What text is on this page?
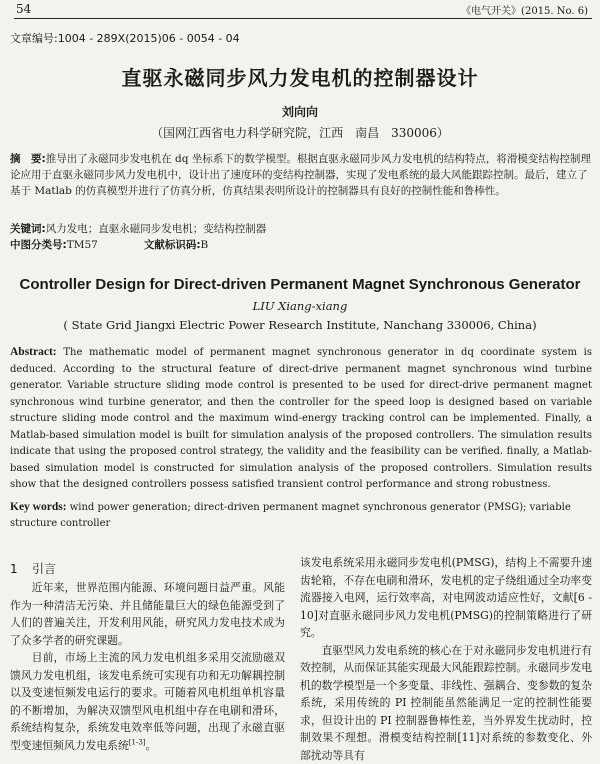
54	《电气开关》(2015. No. 6)
文章编号:1004 - 289X(2015)06 - 0054 - 04
直驱永磁同步风力发电机的控制器设计
刘向向
（国网江西省电力科学研究院，江西　南昌　330006）
摘　要:推导出了永磁同步发电机在 dq 坐标系下的数学模型。根据直驱永磁同步风力发电机的结构特点，将滑模变结构控制理论应用于直驱永磁同步风力发电机中，设计出了速度环的变结构控制器，实现了发电系统的最大风能跟踪控制。最后，建立了基于 Matlab 的仿真模型并进行了仿真分析，仿真结果表明所设计的控制器具有良好的控制性能和鲁棒性。
关键词:风力发电；直驱永磁同步发电机；变结构控制器
中图分类号:TM57	文献标识码:B
Controller Design for Direct-driven Permanent Magnet Synchronous Generator
LIU Xiang-xiang
( State Grid Jiangxi Electric Power Research Institute, Nanchang 330006, China)
Abstract: The mathematic model of permanent magnet synchronous generator in dq coordinate system is deduced. According to the structural feature of direct-drive permanent magnet synchronous wind turbine generator. Variable structure sliding mode control is presented to be used for direct-drive permanent magnet synchronous wind turbine generator, and then the controller for the speed loop is designed based on variable structure sliding mode control and the maximum wind-energy tracking control can be implemented. Finally, a Matlab-based simulation model is built for simulation analysis of the proposed controllers. The simulation results indicate that using the proposed control strategy, the validity and the feasibility can be verified. finally, a Matlab-based simulation model is constructed for simulation analysis of the proposed controllers. Simulation results show that the designed controllers possess satisfied transient control performance and strong robustness.
Key words: wind power generation; direct-driven permanent magnet synchronous generator (PMSG); variable structure controller
1 引言

近年来，世界范围内能源、环境问题日益严重。风能作为一种清洁无污染、并且储能量巨大的绿色能源受到了人们的普遍关注，开发利用风能，研究风力发电技术成为了众多学者的研究课题。

目前，市场上主流的风力发电机组多采用交流励磁双馈风力发电机组，该发电系统可实现有功和无功解耦控制以及变速恒频发电运行的要求。可随着风电机组单机容量的不断增加，为解决双馈型风电机组中存在电刷和滑环，系统结构复杂，系统发电效率低等问题，出现了永磁直驱型变速恒频风力发电系统[1-3]。

该发电系统采用永磁同步发电机(PMSG)，结构上不需要升速齿轮箱，不存在电刷和滑环，发电机的定子绕组通过全功率变流器接入电网，运行效率高，对电网波动适应性好，文献[6 - 10]对直驱永磁同步风力发电机(PMSG)的控制策略进行了研究。

直驱型风力发电系统的核心在于对永磁同步发电机进行有效控制，从而保证其能实现最大风能跟踪控制。永磁同步发电机的数学模型是一个多变量、非线性、强耦合、变参数的复杂系统，采用传统的 PI 控制能虽然能满足一定的控制性能要求，但设计出的 PI 控制器鲁棒性差，当外界发生扰动时，控制效果不理想。滑模变结构控制[11]对系统的参数变化、外部扰动等具有
